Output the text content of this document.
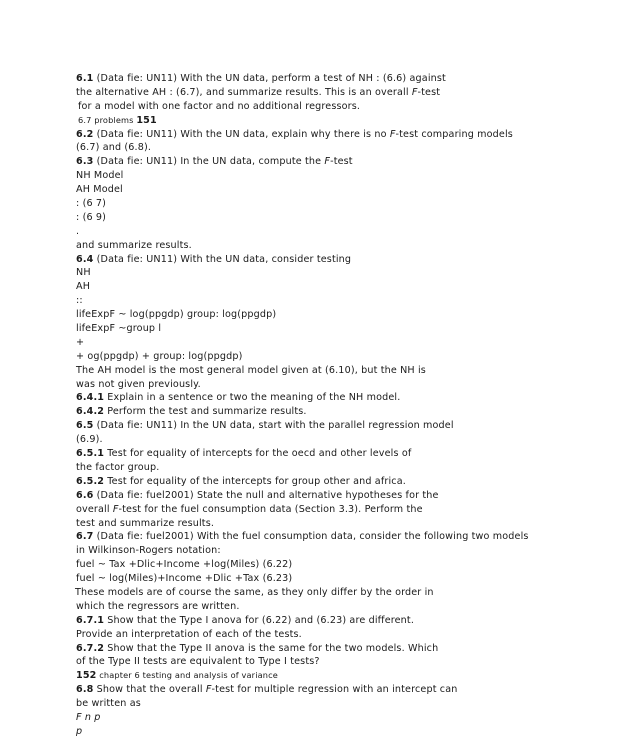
6.1 (Data fie: UN11) With the UN data, perform a test of NH : (6.6) against
the alternative AH : (6.7), and summarize results. This is an overall F-test
for a model with one factor and no additional regressors.
6.7 problems 151
6.2 (Data fie: UN11) With the UN data, explain why there is no F-test comparing models
(6.7) and (6.8).
6.3 (Data fie: UN11) In the UN data, compute the F-test
NH Model
AH Model
: (6 7)
: (6 9)
.
and summarize results.
6.4 (Data fie: UN11) With the UN data, consider testing
NH
AH
::
lifeExpF ~ log(ppgdp) group: log(ppgdp)
lifeExpF ~group l
+
+ og(ppgdp) + group: log(ppgdp)
The AH model is the most general model given at (6.10), but the NH is
was not given previously.
6.4.1 Explain in a sentence or two the meaning of the NH model.
6.4.2 Perform the test and summarize results.
6.5 (Data fie: UN11) In the UN data, start with the parallel regression model
(6.9).
6.5.1 Test for equality of intercepts for the oecd and other levels of
the factor group.
6.5.2 Test for equality of the intercepts for group other and africa.
6.6 (Data fie: fuel2001) State the null and alternative hypotheses for the
overall F-test for the fuel consumption data (Section 3.3). Perform the
test and summarize results.
6.7 (Data fie: fuel2001) With the fuel consumption data, consider the following two models
in Wilkinson-Rogers notation:
fuel ~ Tax +Dlic+Income +log(Miles) (6.22)
fuel ~ log(Miles)+Income +Dlic +Tax (6.23)
These models are of course the same, as they only differ by the order in
which the regressors are written.
6.7.1 Show that the Type I anova for (6.22) and (6.23) are different.
Provide an interpretation of each of the tests.
6.7.2 Show that the Type II anova is the same for the two models. Which
of the Type II tests are equivalent to Type I tests?
152 chapter 6 testing and analysis of variance
6.8 Show that the overall F-test for multiple regression with an intercept can
be written as
F n p
p
